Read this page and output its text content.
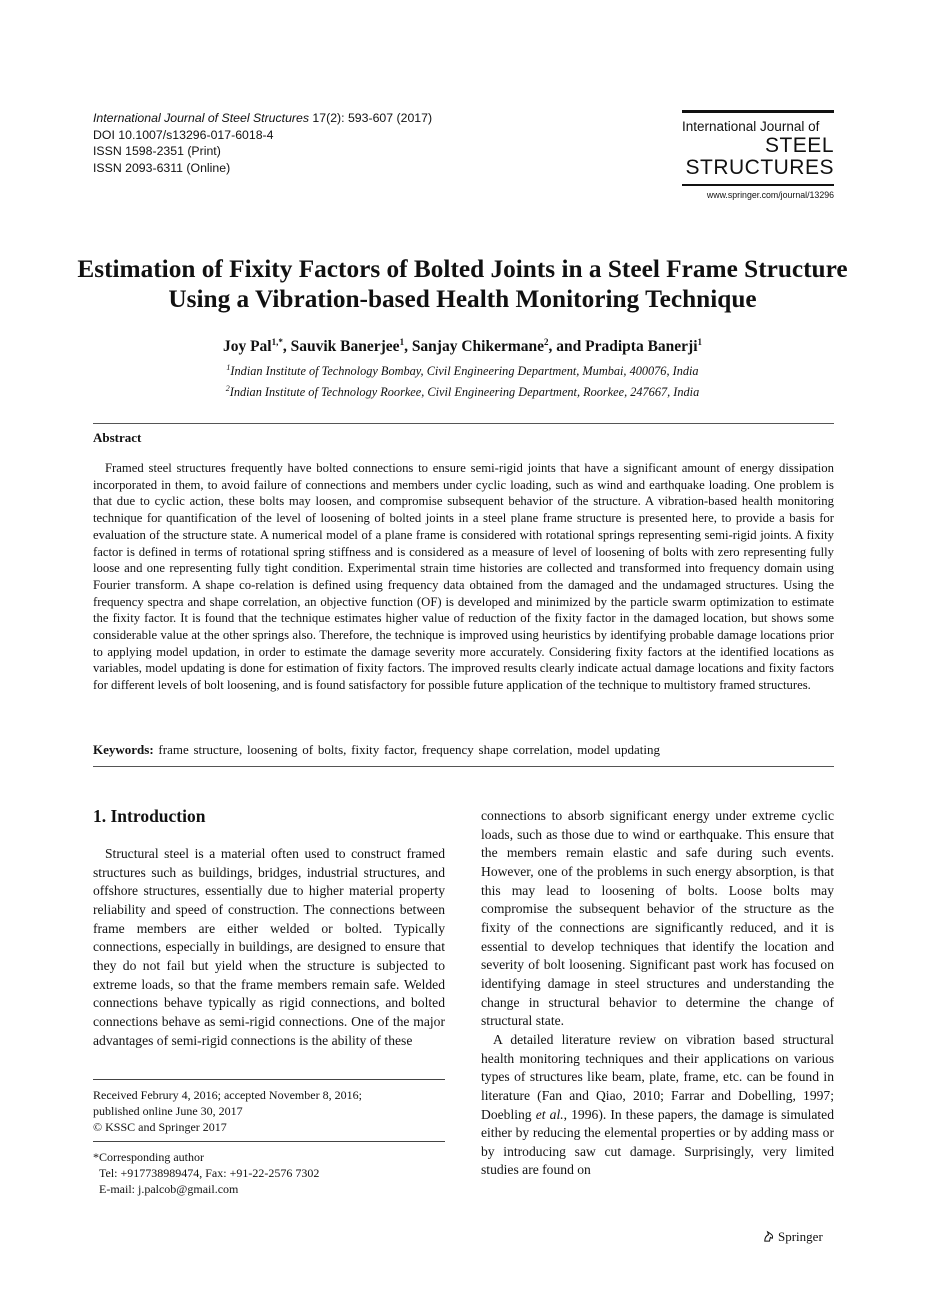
International Journal of Steel Structures 17(2): 593-607 (2017)
DOI 10.1007/s13296-017-6018-4
ISSN 1598-2351 (Print)
ISSN 2093-6311 (Online)
International Journal of
STEEL
STRUCTURES
www.springer.com/journal/13296
Estimation of Fixity Factors of Bolted Joints in a Steel Frame Structure Using a Vibration-based Health Monitoring Technique
Joy Pal$^{1,*}$, Sauvik Banerjee$^1$, Sanjay Chikermane$^2$, and Pradipta Banerji$^1$
$^1$Indian Institute of Technology Bombay, Civil Engineering Department, Mumbai, 400076, India
$^2$Indian Institute of Technology Roorkee, Civil Engineering Department, Roorkee, 247667, India
Abstract
Framed steel structures frequently have bolted connections to ensure semi-rigid joints that have a significant amount of energy dissipation incorporated in them, to avoid failure of connections and members under cyclic loading, such as wind and earthquake loading. One problem is that due to cyclic action, these bolts may loosen, and compromise subsequent behavior of the structure. A vibration-based health monitoring technique for quantification of the level of loosening of bolted joints in a steel plane frame structure is presented here, to provide a basis for evaluation of the structure state. A numerical model of a plane frame is considered with rotational springs representing semi-rigid joints. A fixity factor is defined in terms of rotational spring stiffness and is considered as a measure of level of loosening of bolts with zero representing fully loose and one representing fully tight condition. Experimental strain time histories are collected and transformed into frequency domain using Fourier transform. A shape co-relation is defined using frequency data obtained from the damaged and the undamaged structures. Using the frequency spectra and shape correlation, an objective function (OF) is developed and minimized by the particle swarm optimization to estimate the fixity factor. It is found that the technique estimates higher value of reduction of the fixity factor in the damaged location, but shows some considerable value at the other springs also. Therefore, the technique is improved using heuristics by identifying probable damage locations prior to applying model updation, in order to estimate the damage severity more accurately. Considering fixity factors at the identified locations as variables, model updating is done for estimation of fixity factors. The improved results clearly indicate actual damage locations and fixity factors for different levels of bolt loosening, and is found satisfactory for possible future application of the technique to multistory framed structures.
Keywords: frame structure, loosening of bolts, fixity factor, frequency shape correlation, model updating
1. Introduction
Structural steel is a material often used to construct framed structures such as buildings, bridges, industrial structures, and offshore structures, essentially due to higher material property reliability and speed of construction. The connections between frame members are either welded or bolted. Typically connections, especially in buildings, are designed to ensure that they do not fail but yield when the structure is subjected to extreme loads, so that the frame members remain safe. Welded connections behave typically as rigid connections, and bolted connections behave as semi-rigid connections. One of the major advantages of semi-rigid connections is the ability of these

connections to absorb significant energy under extreme cyclic loads, such as those due to wind or earthquake. This ensure that the members remain elastic and safe during such events. However, one of the problems in such energy absorption, is that this may lead to loosening of bolts. Loose bolts may compromise the subsequent behavior of the structure as the fixity of the connections are significantly reduced, and it is essential to develop techniques that identify the location and severity of bolt loosening. Significant past work has focused on identifying damage in steel structures and understanding the change in structural behavior to determine the change of structural state.

A detailed literature review on vibration based structural health monitoring techniques and their applications on various types of structures like beam, plate, frame, etc. can be found in literature (Fan and Qiao, 2010; Farrar and Dobelling, 1997; Doebling et al., 1996). In these papers, the damage is simulated either by reducing the elemental properties or by adding mass or by introducing saw cut damage. Surprisingly, very limited studies are found on

Received Februry 4, 2016; accepted November 8, 2016;
published online June 30, 2017
© KSSC and Springer 2017
*Corresponding author
Tel: +917738989474, Fax: +91-22-2576 7302
E-mail: j.palcob@gmail.com
Springer
